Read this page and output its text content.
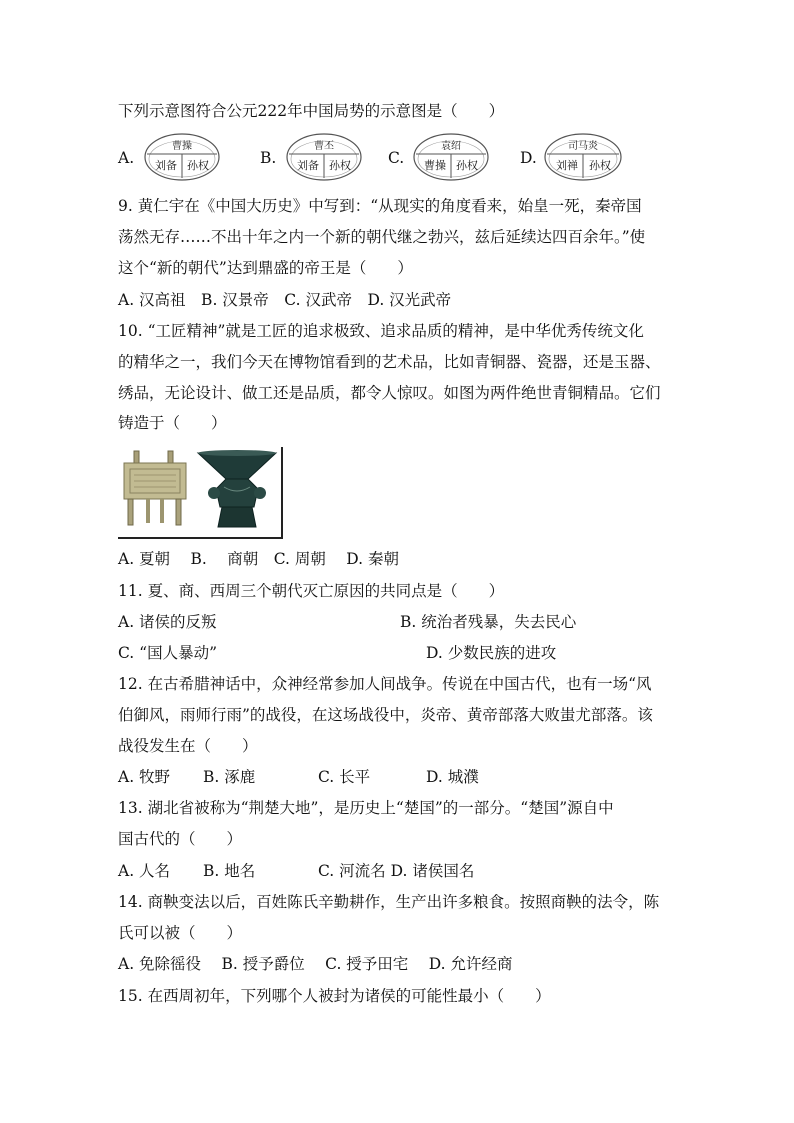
下列示意图符合公元222年中国局势的示意图是（　　）
A.
曹操
刘备 孙权	B.
曹丕
刘备 孙权 C.
袁绍
曹操 孙权	D.
司马炎
刘禅 孙权
9. 黄仁宇在《中国大历史》中写到：“从现实的角度看来，始皇一死，秦帝国
荡然无存……不出十年之内一个新的朝代继之勃兴，兹后延续达四百余年。”使
这个“新的朝代”达到鼎盛的帝王是（　　）
A. 汉高祖　B. 汉景帝　C. 汉武帝　D. 汉光武帝
10. “工匠精神”就是工匠的追求极致、追求品质的精神，是中华优秀传统文化
的精华之一，我们今天在博物馆看到的艺术品，比如青铜器、瓷器，还是玉器、
绣品，无论设计、做工还是品质，都令人惊叹。如图为两件绝世青铜精品。它们
铸造于（　　）
A. 夏朝　 B.　 商朝　C. 周朝　 D. 秦朝
11. 夏、商、西周三个朝代灭亡原因的共同点是（　　）
A. 诸侯的反叛	B. 统治者残暴，失去民心
C. “国人暴动”	D. 少数民族的进攻
12. 在古希腊神话中，众神经常参加人间战争。传说在中国古代，也有一场“风
伯御风，雨师行雨”的战役，在这场战役中，炎帝、黄帝部落大败蚩尤部落。该
战役发生在（　　）
A. 牧野 B. 涿鹿	C. 长平	D. 城濮
13. 湖北省被称为“荆楚大地”，是历史上“楚国”的一部分。“楚国”源自中
国古代的（　　）
A. 人名 B. 地名	C. 河流名 D. 诸侯国名
14. 商鞅变法以后，百姓陈氏辛勤耕作，生产出许多粮食。按照商鞅的法令，陈
氏可以被（　　）
A. 免除徭役　 B. 授予爵位　 C. 授予田宅　 D. 允许经商
15. 在西周初年，下列哪个人被封为诸侯的可能性最小（　　）
